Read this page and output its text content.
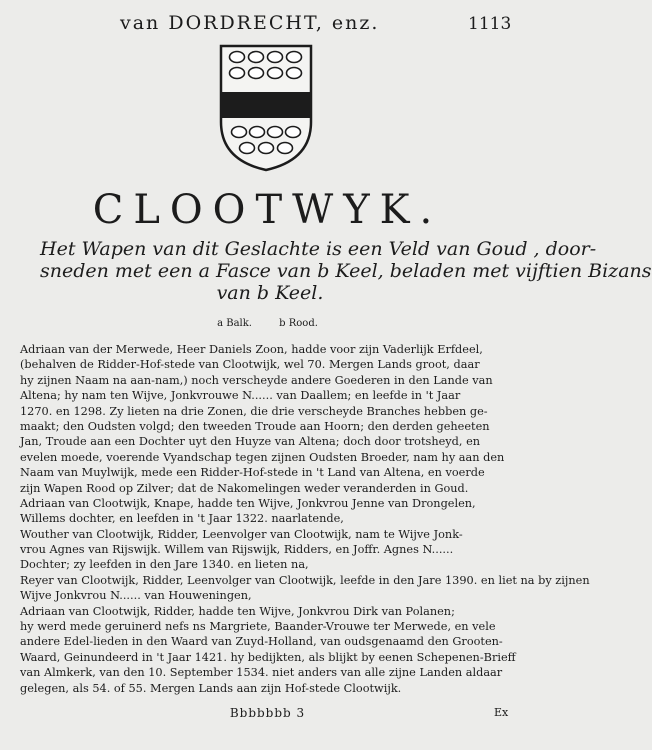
van DORDRECHT, enz.	1113
CLOOTWYK.
Het Wapen van dit Geslachte is een Veld van Goud , door-
sneden met een a Fasce van b Keel, beladen met vijftien Bizans
van b Keel.
a Balk.	b Rood.
Adriaan van der Merwede, Heer Daniels Zoon, hadde voor zijn Vaderlijk Erfdeel,
(behalven de Ridder-Hof-stede van Clootwijk, wel 70. Mergen Lands groot, daar
hy zijnen Naam na aan-nam,) noch verscheyde andere Goederen in den Lande van
Altena; hy nam ten Wijve, Jonkvrouwe N...... van Daallem; en leefde in 't Jaar
1270. en 1298. Zy lieten na drie Zonen, die drie verscheyde Branches hebben ge-
maakt; den Oudsten volgd; den tweeden Troude aan Hoorn; den derden geheeten
Jan, Troude aan een Dochter uyt den Huyze van Altena; doch door trotsheyd, en
evelen moede, voerende Vyandschap tegen zijnen Oudsten Broeder, nam hy aan den
Naam van Muylwijk, mede een Ridder-Hof-stede in 't Land van Altena, en voerde
zijn Wapen Rood op Zilver; dat de Nakomelingen weder veranderden in Goud.
Adriaan van Clootwijk, Knape, hadde ten Wijve, Jonkvrou Jenne van Drongelen,
Willems dochter, en leefden in 't Jaar 1322. naarlatende,
Wouther van Clootwijk, Ridder, Leenvolger van Clootwijk, nam te Wijve Jonk-
vrou Agnes van Rijswijk. Willem van Rijswijk, Ridders, en Joffr. Agnes N......
Dochter; zy leefden in den Jare 1340. en lieten na,
Reyer van Clootwijk, Ridder, Leenvolger van Clootwijk, leefde in den Jare 1390. en liet na by zijnen
Wijve Jonkvrou N...... van Houweningen,
Adriaan van Clootwijk, Ridder, hadde ten Wijve, Jonkvrou Dirk van Polanen;
hy werd mede geruinerd nefs ns Margriete, Baander-Vrouwe ter Merwede, en vele
andere Edel-lieden in den Waard van Zuyd-Holland, van oudsgenaamd den Grooten-
Waard, Geinundeerd in 't Jaar 1421. hy bedijkten, als blijkt by eenen Schepenen-Brieff
van Almkerk, van den 10. September 1534. niet anders van alle zijne Landen aldaar
gelegen, als 54. of 55. Mergen Lands aan zijn Hof-stede Clootwijk.
Bbbbbbb 3	Ex
